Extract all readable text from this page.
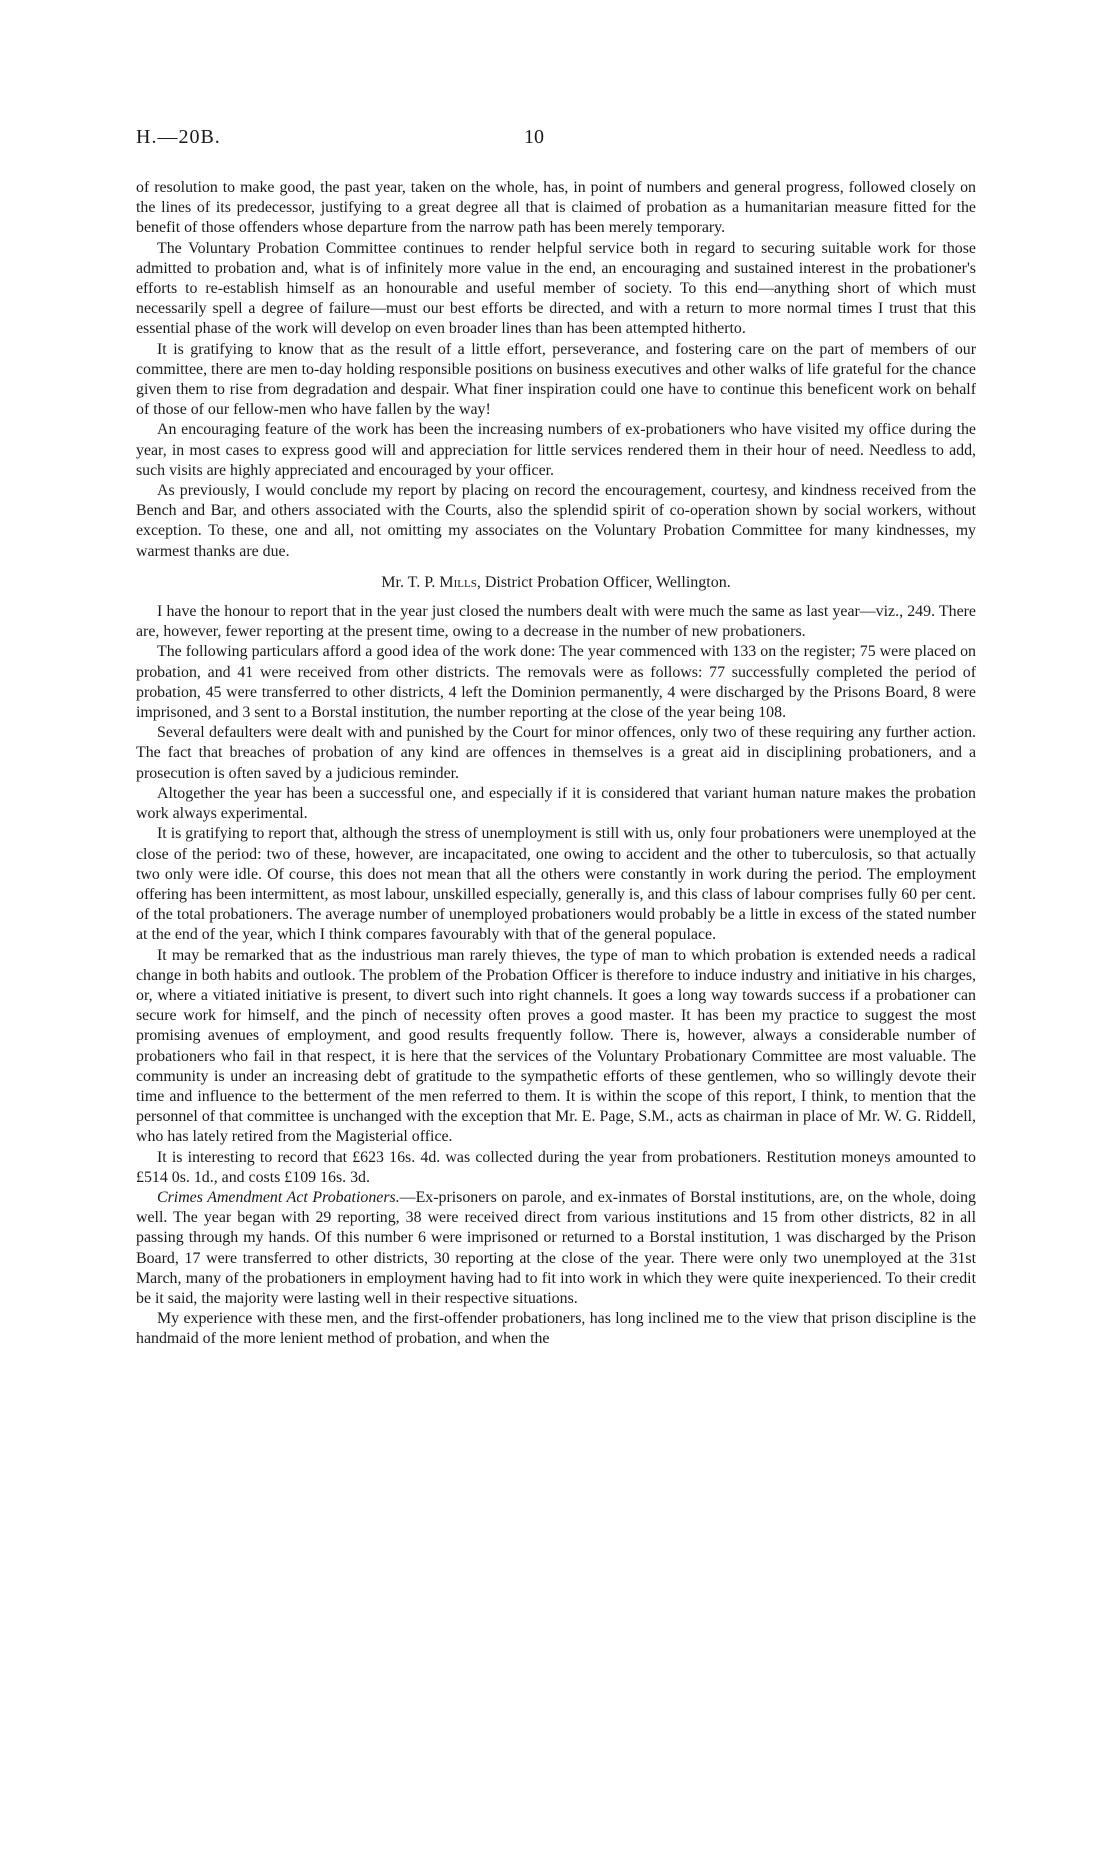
H.—20B.	10

of resolution to make good, the past year, taken on the whole, has, in point of numbers and general progress, followed closely on the lines of its predecessor, justifying to a great degree all that is claimed of probation as a humanitarian measure fitted for the benefit of those offenders whose departure from the narrow path has been merely temporary.

The Voluntary Probation Committee continues to render helpful service both in regard to securing suitable work for those admitted to probation and, what is of infinitely more value in the end, an encouraging and sustained interest in the probationer's efforts to re-establish himself as an honourable and useful member of society. To this end—anything short of which must necessarily spell a degree of failure—must our best efforts be directed, and with a return to more normal times I trust that this essential phase of the work will develop on even broader lines than has been attempted hitherto.

It is gratifying to know that as the result of a little effort, perseverance, and fostering care on the part of members of our committee, there are men to-day holding responsible positions on business executives and other walks of life grateful for the chance given them to rise from degradation and despair. What finer inspiration could one have to continue this beneficent work on behalf of those of our fellow-men who have fallen by the way!

An encouraging feature of the work has been the increasing numbers of ex-probationers who have visited my office during the year, in most cases to express good will and appreciation for little services rendered them in their hour of need. Needless to add, such visits are highly appreciated and encouraged by your officer.

As previously, I would conclude my report by placing on record the encouragement, courtesy, and kindness received from the Bench and Bar, and others associated with the Courts, also the splendid spirit of co-operation shown by social workers, without exception. To these, one and all, not omitting my associates on the Voluntary Probation Committee for many kindnesses, my warmest thanks are due.

Mr. T. P. Mills, District Probation Officer, Wellington.

I have the honour to report that in the year just closed the numbers dealt with were much the same as last year—viz., 249. There are, however, fewer reporting at the present time, owing to a decrease in the number of new probationers.

The following particulars afford a good idea of the work done: The year commenced with 133 on the register; 75 were placed on probation, and 41 were received from other districts. The removals were as follows: 77 successfully completed the period of probation, 45 were transferred to other districts, 4 left the Dominion permanently, 4 were discharged by the Prisons Board, 8 were imprisoned, and 3 sent to a Borstal institution, the number reporting at the close of the year being 108.

Several defaulters were dealt with and punished by the Court for minor offences, only two of these requiring any further action. The fact that breaches of probation of any kind are offences in themselves is a great aid in disciplining probationers, and a prosecution is often saved by a judicious reminder.

Altogether the year has been a successful one, and especially if it is considered that variant human nature makes the probation work always experimental.

It is gratifying to report that, although the stress of unemployment is still with us, only four probationers were unemployed at the close of the period: two of these, however, are incapacitated, one owing to accident and the other to tuberculosis, so that actually two only were idle. Of course, this does not mean that all the others were constantly in work during the period. The employment offering has been intermittent, as most labour, unskilled especially, generally is, and this class of labour comprises fully 60 per cent. of the total probationers. The average number of unemployed probationers would probably be a little in excess of the stated number at the end of the year, which I think compares favourably with that of the general populace.

It may be remarked that as the industrious man rarely thieves, the type of man to which probation is extended needs a radical change in both habits and outlook. The problem of the Probation Officer is therefore to induce industry and initiative in his charges, or, where a vitiated initiative is present, to divert such into right channels. It goes a long way towards success if a probationer can secure work for himself, and the pinch of necessity often proves a good master. It has been my practice to suggest the most promising avenues of employment, and good results frequently follow. There is, however, always a considerable number of probationers who fail in that respect, it is here that the services of the Voluntary Probationary Committee are most valuable. The community is under an increasing debt of gratitude to the sympathetic efforts of these gentlemen, who so willingly devote their time and influence to the betterment of the men referred to them. It is within the scope of this report, I think, to mention that the personnel of that committee is unchanged with the exception that Mr. E. Page, S.M., acts as chairman in place of Mr. W. G. Riddell, who has lately retired from the Magisterial office.

It is interesting to record that £623 16s. 4d. was collected during the year from probationers. Restitution moneys amounted to £514 0s. 1d., and costs £109 16s. 3d.

Crimes Amendment Act Probationers.—Ex-prisoners on parole, and ex-inmates of Borstal institutions, are, on the whole, doing well. The year began with 29 reporting, 38 were received direct from various institutions and 15 from other districts, 82 in all passing through my hands. Of this number 6 were imprisoned or returned to a Borstal institution, 1 was discharged by the Prison Board, 17 were transferred to other districts, 30 reporting at the close of the year. There were only two unemployed at the 31st March, many of the probationers in employment having had to fit into work in which they were quite inexperienced. To their credit be it said, the majority were lasting well in their respective situations.

My experience with these men, and the first-offender probationers, has long inclined me to the view that prison discipline is the handmaid of the more lenient method of probation, and when the
